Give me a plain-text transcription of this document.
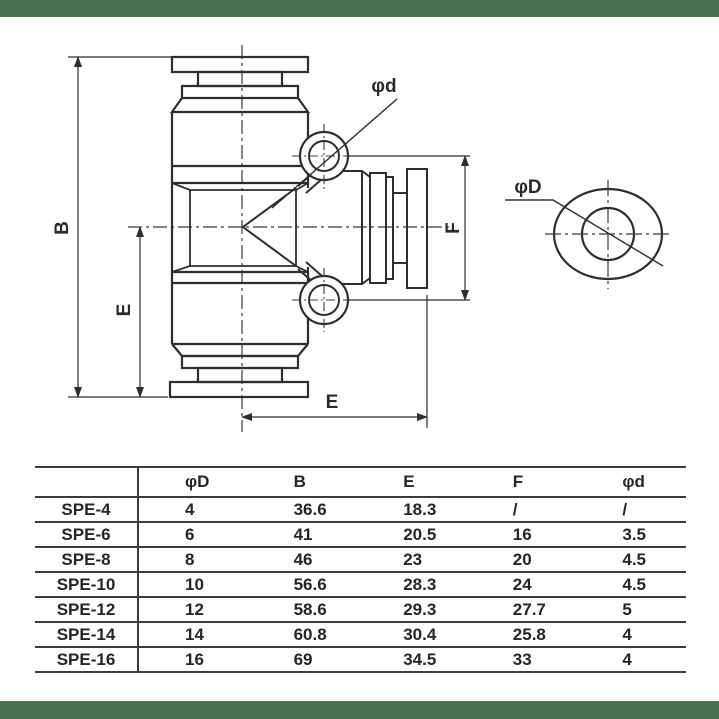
B
E
F
E
φd
φD
	φD	B	E	F	φd
SPE-4	4	36.6	18.3	/	/
SPE-6	6	41	20.5	16	3.5
SPE-8	8	46	23	20	4.5
SPE-10	10	56.6	28.3	24	4.5
SPE-12	12	58.6	29.3	27.7	5
SPE-14	14	60.8	30.4	25.8	4
SPE-16	16	69	34.5	33	4
